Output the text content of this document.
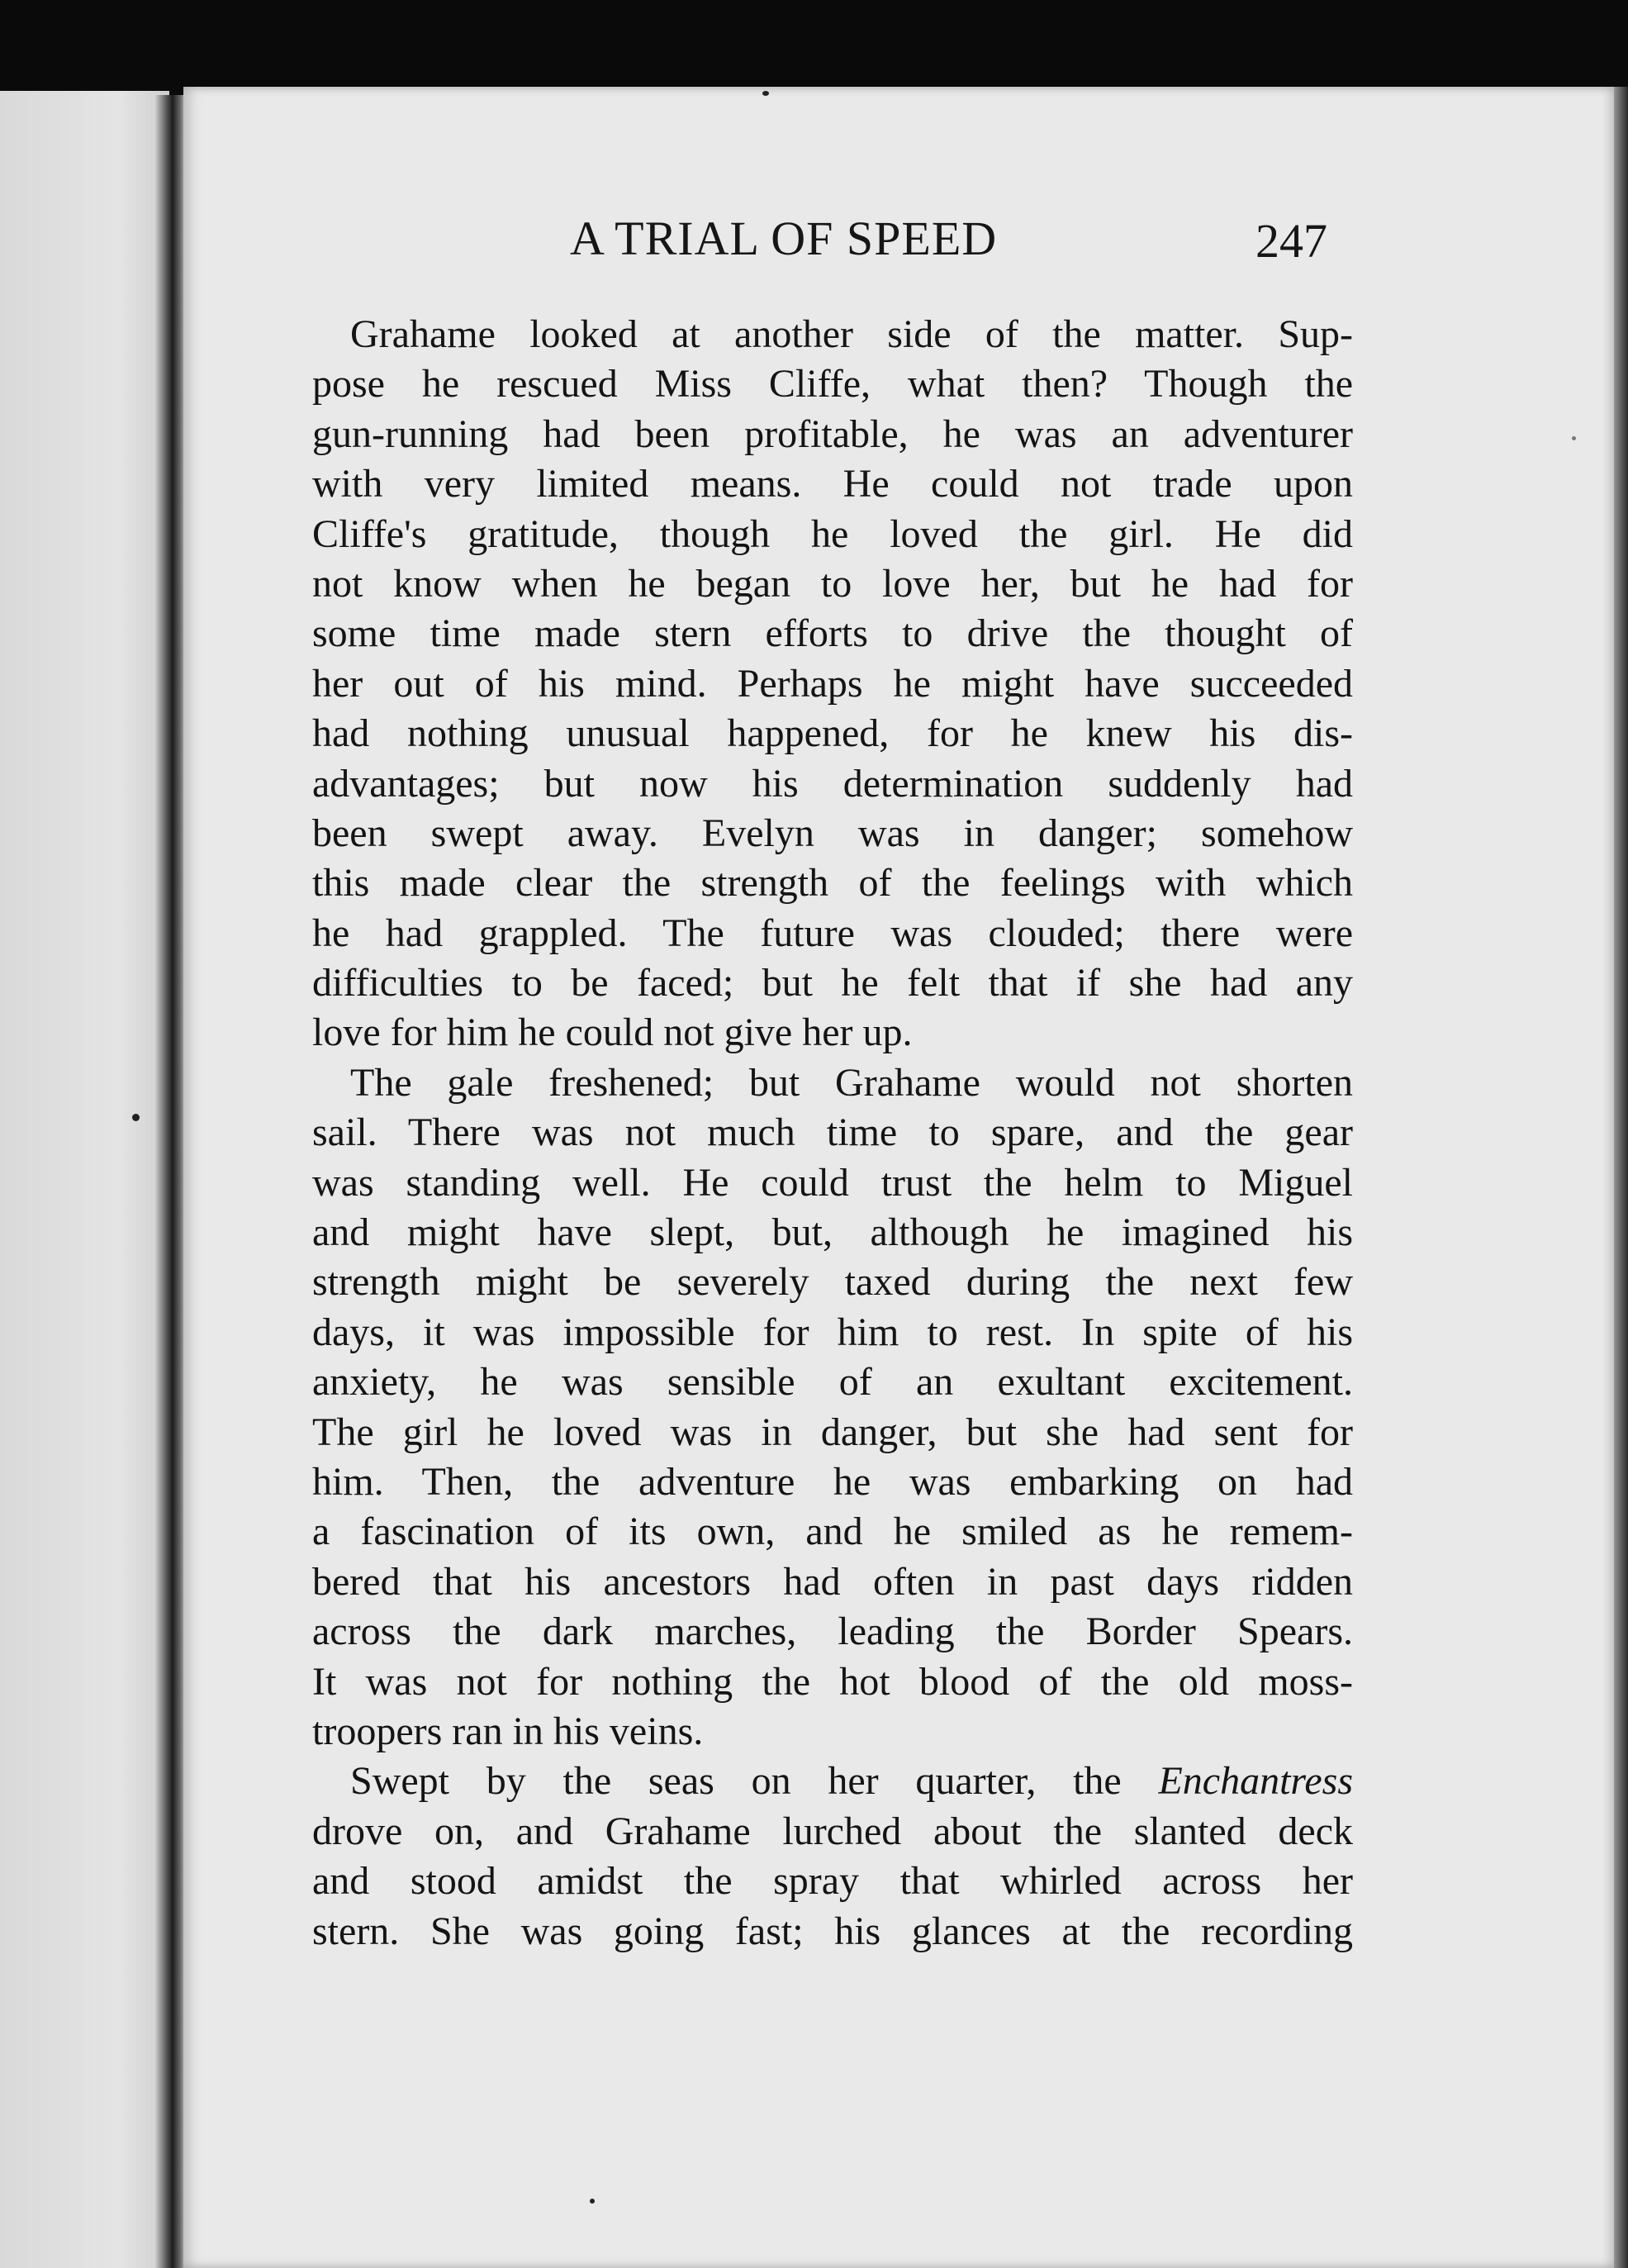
A TRIAL OF SPEED	247
Grahame looked at another side of the matter. Sup-
pose he rescued Miss Cliffe, what then? Though the
gun-running had been profitable, he was an adventurer
with very limited means. He could not trade upon
Cliffe's gratitude, though he loved the girl. He did
not know when he began to love her, but he had for
some time made stern efforts to drive the thought of
her out of his mind. Perhaps he might have succeeded
had nothing unusual happened, for he knew his dis-
advantages; but now his determination suddenly had
been swept away. Evelyn was in danger; somehow
this made clear the strength of the feelings with which
he had grappled. The future was clouded; there were
difficulties to be faced; but he felt that if she had any
love for him he could not give her up.
The gale freshened; but Grahame would not shorten
sail. There was not much time to spare, and the gear
was standing well. He could trust the helm to Miguel
and might have slept, but, although he imagined his
strength might be severely taxed during the next few
days, it was impossible for him to rest. In spite of his
anxiety, he was sensible of an exultant excitement.
The girl he loved was in danger, but she had sent for
him. Then, the adventure he was embarking on had
a fascination of its own, and he smiled as he remem-
bered that his ancestors had often in past days ridden
across the dark marches, leading the Border Spears.
It was not for nothing the hot blood of the old moss-
troopers ran in his veins.
Swept by the seas on her quarter, the Enchantress
drove on, and Grahame lurched about the slanted deck
and stood amidst the spray that whirled across her
stern. She was going fast; his glances at the recording
